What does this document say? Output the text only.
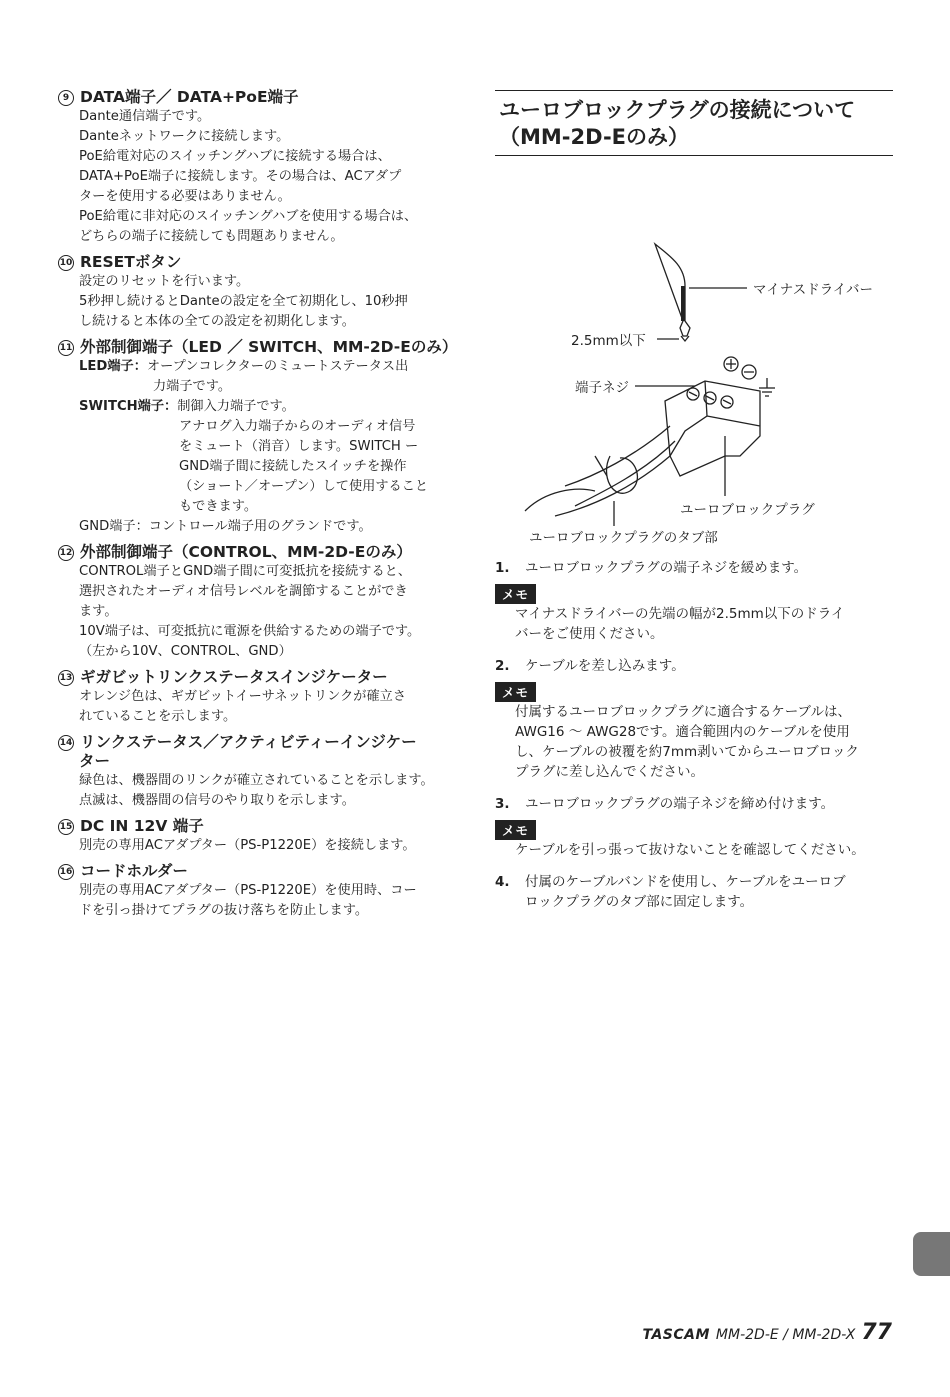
9 DATA端子／ DATA+PoE端子

Dante通信端子です。

Danteネットワークに接続します。

PoE給電対応のスイッチングハブに接続する場合は、

DATA+PoE端子に接続します。その場合は、ACアダプ

ターを使用する必要はありません。

PoE給電に非対応のスイッチングハブを使用する場合は、

どちらの端子に接続しても問題ありません。

10 RESETボタン

設定のリセットを行います。

5秒押し続けるとDanteの設定を全て初期化し、10秒押

し続けると本体の全ての設定を初期化します。

11 外部制御端子（LED ／ SWITCH、MM-2D-Eのみ）
LED端子： オープンコレクターのミュートステータス出

力端子です。

SWITCH端子： 制御入力端子です。

アナログ入力端子からのオーディオ信号

をミュート（消音）します。SWITCH ー

GND端子間に接続したスイッチを操作

（ショート／オープン）して使用すること

もできます。

GND端子：コントロール端子用のグランドです。

12 外部制御端子（CONTROL、MM-2D-Eのみ）

CONTROL端子とGND端子間に可変抵抗を接続すると、

選択されたオーディオ信号レベルを調節することができ

ます。

10V端子は、可変抵抗に電源を供給するための端子です。

（左から10V、CONTROL、GND）

13 ギガビットリンクステータスインジケーター

オレンジ色は、ギガビットイーサネットリンクが確立さ

れていることを示します。

14 リンクステータス／アクティビティーインジケー
ター

緑色は、機器間のリンクが確立されていることを示します。

点滅は、機器間の信号のやり取りを示します。

15 DC IN 12V 端子

別売の専用ACアダプター（PS-P1220E）を接続します。

16 コードホルダー

別売の専用ACアダプター（PS-P1220E）を使用時、コー

ドを引っ掛けてプラグの抜け落ちを防止します。

ユーロブロックプラグの接続について
（MM-2D-Eのみ）
マイナスドライバー
2.5mm以下
端子ネジ
ユーロブロックプラグ
ユーロブロックプラグのタブ部
1.	ユーロブロックプラグの端子ネジを緩めます。
メモ
マイナスドライバーの先端の幅が2.5mm以下のドライ
バーをご使用ください。
2.	ケーブルを差し込みます。
メモ
付属するユーロブロックプラグに適合するケーブルは、
AWG16 ～ AWG28です。適合範囲内のケーブルを使用
し、ケーブルの被覆を約7mm剥いてからユーロブロック
プラグに差し込んでください。
3.	ユーロブロックプラグの端子ネジを締め付けます。
メモ
ケーブルを引っ張って抜けないことを確認してください。
4.	付属のケーブルバンドを使用し、ケーブルをユーロブ
ロックプラグのタブ部に固定します。
TASCAM MM-2D-E / MM-2D-X 77
